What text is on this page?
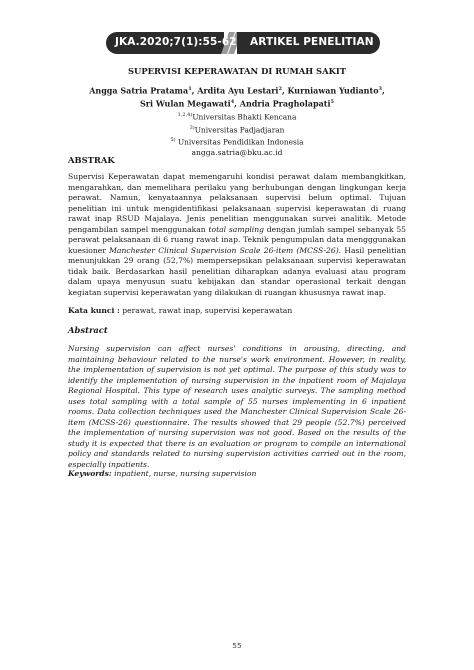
JKA.2020;7(1):55-62 ARTIKEL PENELITIAN
SUPERVISI KEPERAWATAN DI RUMAH SAKIT
Angga Satria Pratama$^1$, Ardita Ayu Lestari$^2$, Kurniawan Yudianto$^3$,
Sri Wulan Megawati$^4$, Andria Pragholapati$^5$
$^{1,2,4)}$Universitas Bhakti Kencana
$^{3)}$Universitas Padjadjaran
$^{5)}$ Universitas Pendidikan Indonesia
angga.satria@bku.ac.id
ABSTRAK
Supervisi Keperawatan dapat memengaruhi kondisi perawat dalam membangkitkan, mengarahkan, dan memelihara perilaku yang berhubungan dengan lingkungan kerja perawat. Namun, kenyataannya pelaksanaan supervisi belum optimal. Tujuan penelitian ini untuk mengidentifikasi pelaksanaan supervisi keperawatan di ruang rawat inap RSUD Majalaya. Jenis penelitian menggunakan survei analitik. Metode pengambilan sampel menggunakan total sampling dengan jumlah sampel sebanyak 55 perawat pelaksanaan di 6 ruang rawat inap. Teknik pengumpulan data mengggunakan kuesioner Manchester Clinical Supervision Scale 26-item (MCSS-26). Hasil penelitian menunjukkan 29 orang (52,7%) mempersepsikan pelaksanaan supervisi keperawatan tidak baik. Berdasarkan hasil penelitian diharapkan adanya evaluasi atau program dalam upaya menyusun suatu kebijakan dan standar operasional terkait dengan kegiatan supervisi keperawatan yang dilakukan di ruangan khususnya rawat inap.
Kata kunci : perawat, rawat inap, supervisi keperawatan
Abstract
Nursing supervision can affect nurses' conditions in arousing, directing, and maintaining behaviour related to the nurse's work environment. However, in reality, the implementation of supervision is not yet optimal. The purpose of this study was to identify the implementation of nursing supervision in the inpatient room of Majalaya Regional Hospital. This type of research uses analytic surveys. The sampling method uses total sampling with a total sample of 55 nurses implementing in 6 inpatient rooms. Data collection techniques used the Manchester Clinical Supervision Scale 26-item (MCSS-26) questionnaire. The results showed that 29 people (52.7%) perceived the implementation of nursing supervision was not good. Based on the results of the study it is expected that there is an evaluation or program to compile an international policy and standards related to nursing supervision activities carried out in the room, especially inpatients.
Keywords: inpatient, nurse, nursing supervision
55
